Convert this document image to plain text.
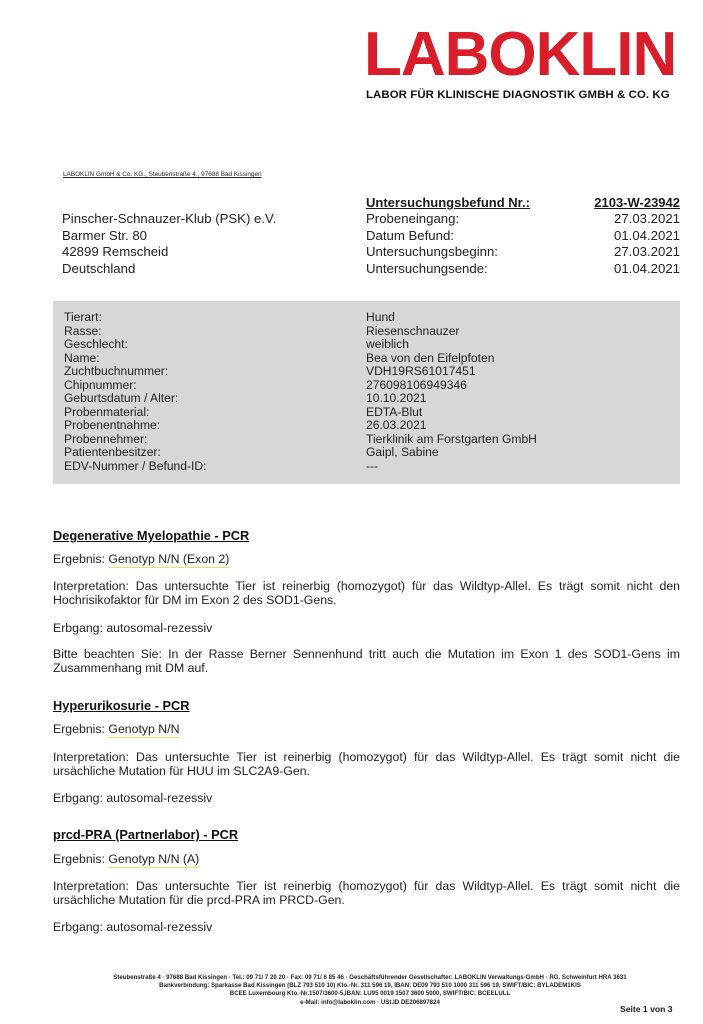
LABOKLIN
LABOR FÜR KLINISCHE DIAGNOSTIK GMBH & CO. KG
LABOKLIN GmbH & Co. KG., Steubenstraße 4., 97688 Bad Kissingen
Pinscher-Schnauzer-Klub (PSK) e.V.
Barmer Str. 80
42899 Remscheid
Deutschland
Untersuchungsbefund Nr.:	2103-W-23942
Probeneingang:	27.03.2021
Datum Befund:	01.04.2021
Untersuchungsbeginn:	27.03.2021
Untersuchungsende:	01.04.2021
Tierart:	Hund
Rasse:	Riesenschnauzer
Geschlecht:	weiblich
Name:	Bea von den Eifelpfoten
Zuchtbuchnummer:	VDH19RS61017451
Chipnummer:	276098106949346
Geburtsdatum / Alter:	10.10.2021
Probenmaterial:	EDTA-Blut
Probenentnahme:	26.03.2021
Probennehmer:	Tierklinik am Forstgarten GmbH
Patientenbesitzer:	Gaipl, Sabine
EDV-Nummer / Befund-ID:	---
Degenerative Myelopathie - PCR
Ergebnis: Genotyp N/N (Exon 2)
Interpretation: Das untersuchte Tier ist reinerbig (homozygot) für das Wildtyp-Allel. Es trägt somit nicht den Hochrisikofaktor für DM im Exon 2 des SOD1-Gens.
Erbgang: autosomal-rezessiv
Bitte beachten Sie: In der Rasse Berner Sennenhund tritt auch die Mutation im Exon 1 des SOD1-Gens im Zusammenhang mit DM auf.
Hyperurikosurie - PCR
Ergebnis: Genotyp N/N
Interpretation: Das untersuchte Tier ist reinerbig (homozygot) für das Wildtyp-Allel. Es trägt somit nicht die ursächliche Mutation für HUU im SLC2A9-Gen.
Erbgang: autosomal-rezessiv
prcd-PRA (Partnerlabor) - PCR
Ergebnis: Genotyp N/N (A)
Interpretation: Das untersuchte Tier ist reinerbig (homozygot) für das Wildtyp-Allel. Es trägt somit nicht die ursächliche Mutation für die prcd-PRA im PRCD-Gen.
Erbgang: autosomal-rezessiv
Steubenstraße 4 · 97688 Bad Kissingen · Tel.: 09 71/ 7 20 20 · Fax: 09 71/ 6 85 46 · Geschäftsführender Gesellschafter: LABOKLIN Verwaltungs-GmbH · RG. Schweinfurt HRA 3631
Bankverbindung: Sparkasse Bad Kissingen (BLZ 793 510 10) Kto.-Nr. 311 596 19, IBAN: DE09 793 510 1000 311 596 19, SWIFT/BIC: BYLADEM1KIS
BCEE Luxembourg Kto.-Nr.1507/3600-5,IBAN: LU95 0019 1507 3600 5000, SWIFT/BIC: BCEELULL
e-Mail: info@laboklin.com · USt.ID DE206897824
Seite 1 von 3
